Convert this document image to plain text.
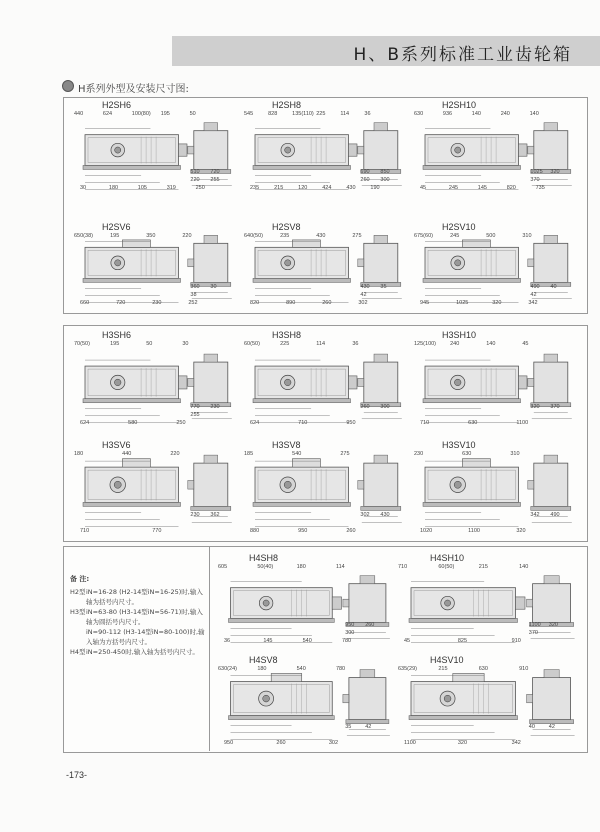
H、B系列标准工业齿轮箱
H系列外型及安装尺寸图:
H2SH6
440	624	100(80) 195	50
30	180	105	319	250
510 720
220 255
H2SH8
545	828	135(110) 225	114	36
235	215	120	424	430	190
690 850
260 300
H2SH10
630	936	140	240	140
45	245	145	820	735
1025 320
370
H2SV6
650(38)	195	350	220
660	720	230	252
360 30
38
H2SV8
640(50)	235	430	275
820	890	260	302
430 35
42
H2SV10
675(60)	245	500	310
945	1025	320	342
490 40
42
H3SH6
70(50)	195	50	30
624	580	250
770 230
255
H3SH8
60(50)	225	114	36
624	710	950
260 300
H3SH10
125(100)	240	140	45
710	630	1100
320 370
H3SV6
180	440	220
710	770
230 362
H3SV8
185	540	275
880	950	260
302 430
H3SV10
230	630	310
1020	1100	320
342 490
H4SH8
605	50(40)	180	114
36	145	540	780
950 260
300
H4SH10
710	60(50)	215	140
45	825	910
1100 320
370
H4SV8
630(24)	180	540	780
950	260	302
35	42
H4SV10
635(29)	215	630	910
1100	320	342
40	42
备 注:
H2型 iN=16-28 (H2-14型iN=16-25)时,输入轴为括号内尺寸。
H3型 iN=63-80 (H3-14型iN=56-71)时,输入轴为圆括号内尺寸。
iN=90-112 (H3-14型iN=80-100)时,输入轴为方括号内尺寸。
H4型 iN=250-450时,输入轴为括号内尺寸。
-173-
